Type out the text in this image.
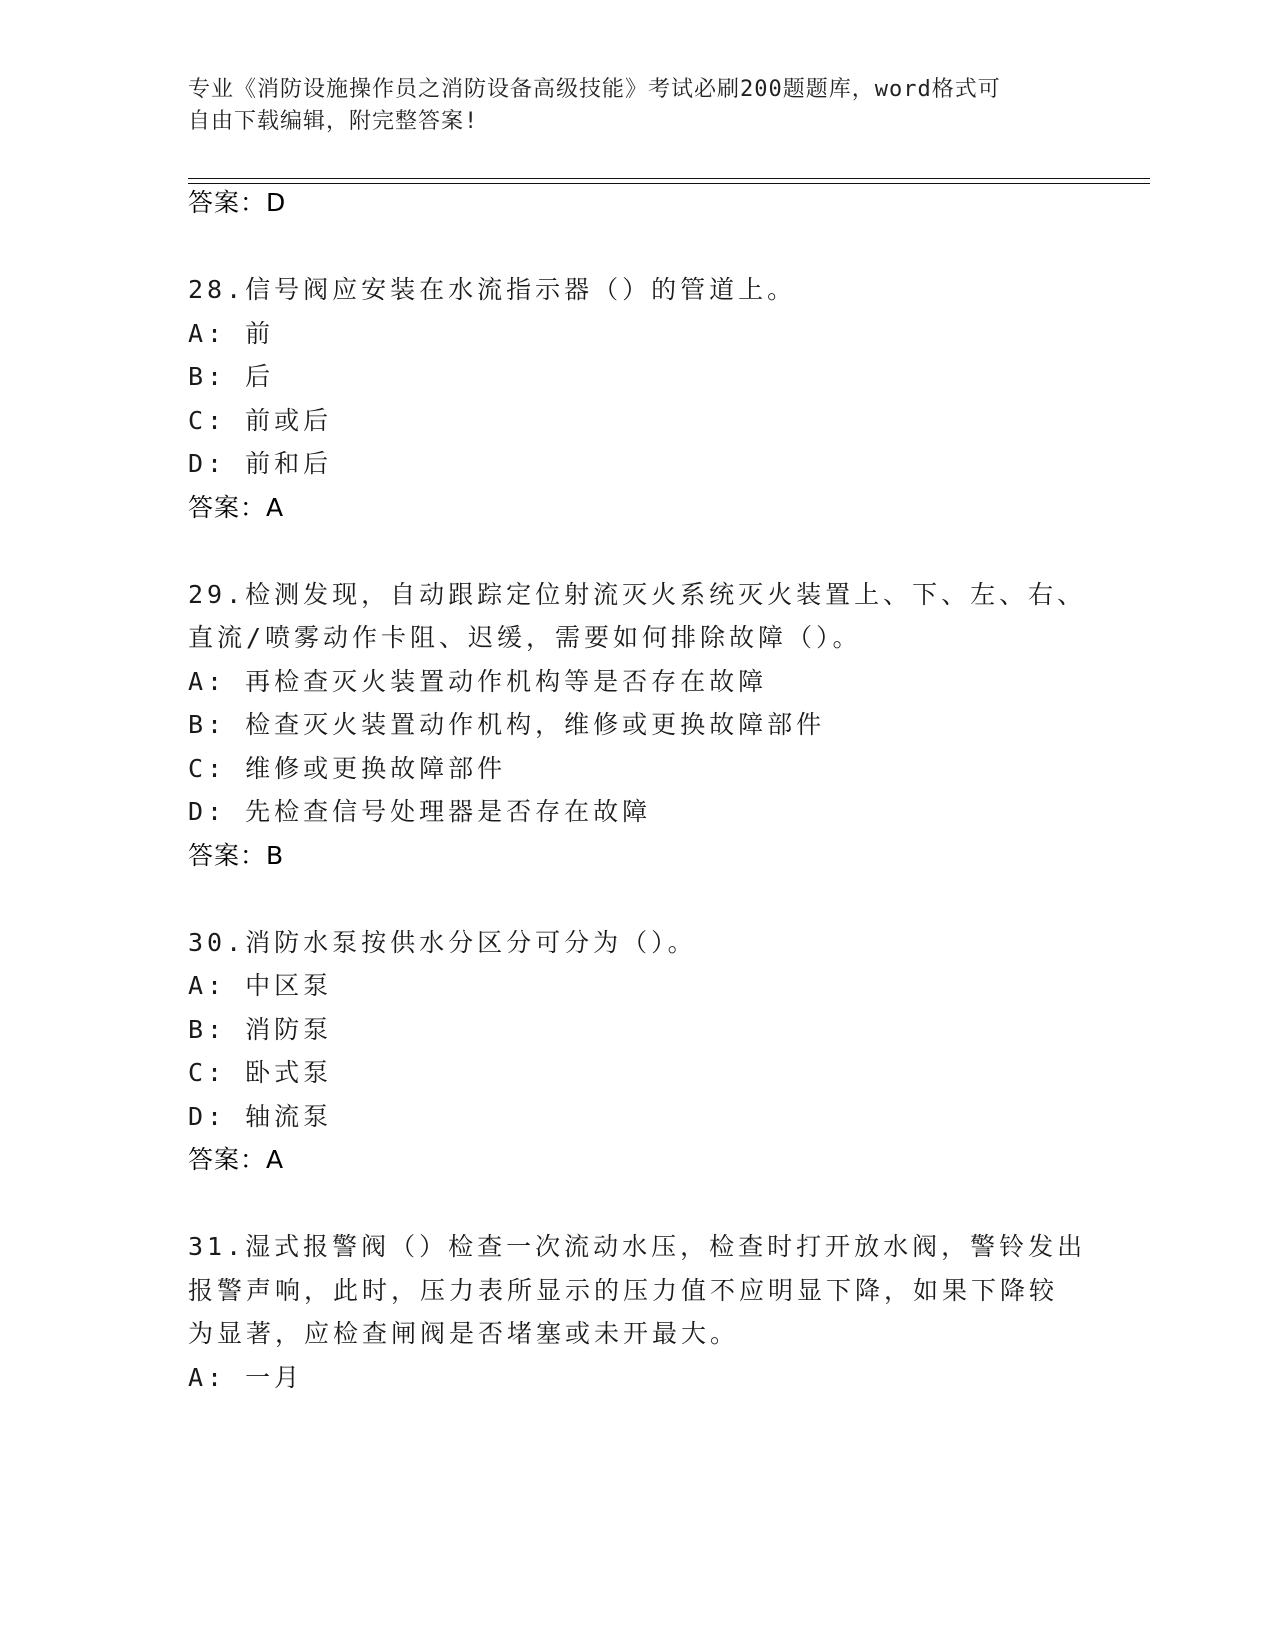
专业《消防设施操作员之消防设备高级技能》考试必刷200题题库，word格式可
自由下载编辑，附完整答案!
答案：D
28.信号阀应安装在水流指示器（）的管道上。
A: 前
B: 后
C: 前或后
D: 前和后
答案：A
29.检测发现，自动跟踪定位射流灭火系统灭火装置上、下、左、右、
直流/喷雾动作卡阻、迟缓，需要如何排除故障（）。
A: 再检查灭火装置动作机构等是否存在故障
B: 检查灭火装置动作机构，维修或更换故障部件
C: 维修或更换故障部件
D: 先检查信号处理器是否存在故障
答案：B
30.消防水泵按供水分区分可分为（）。
A: 中区泵
B: 消防泵
C: 卧式泵
D: 轴流泵
答案：A
31.湿式报警阀（）检查一次流动水压，检查时打开放水阀，警铃发出
报警声响，此时，压力表所显示的压力值不应明显下降，如果下降较
为显著，应检查闸阀是否堵塞或未开最大。
A: 一月
